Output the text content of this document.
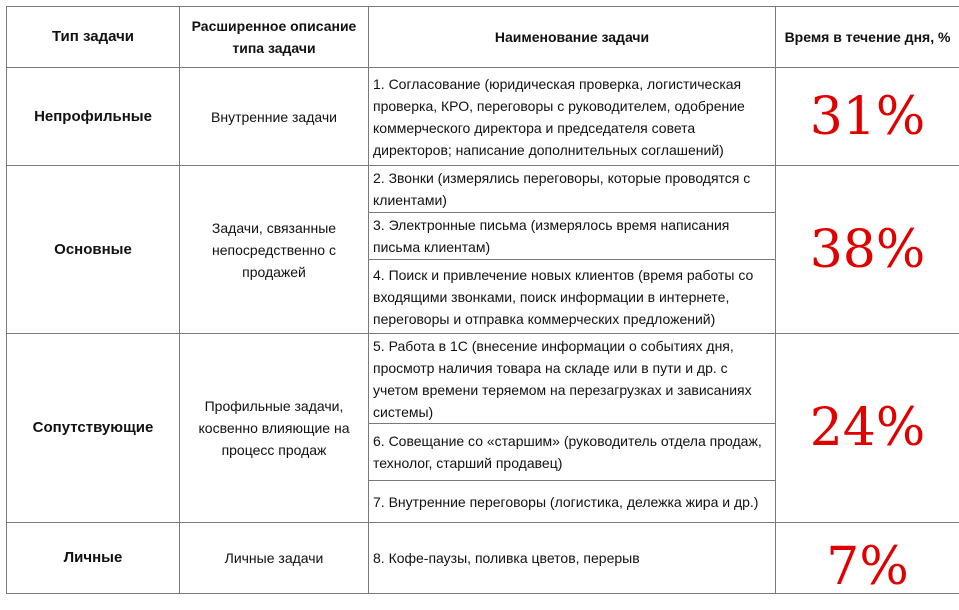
Тип задачи	Расширенное описание типа задачи	Наименование задачи	Время в течение дня, %
Непрофильные	Внутренние задачи	1. Согласование (юридическая проверка, логистическая проверка, КРО, переговоры с руководителем, одобрение коммерческого директора и председателя совета директоров; написание дополнительных соглашений)	31%
Основные	Задачи, связанные непосредственно с продажей	2. Звонки (измерялись переговоры, которые проводятся с клиентами)	38%
		3. Электронные письма (измерялось время написания письма клиентам)	
		4. Поиск и привлечение новых клиентов (время работы со входящими звонками, поиск информации в интернете, переговоры и отправка коммерческих предложений)	
Сопутствующие	Профильные задачи, косвенно влияющие на процесс продаж	5. Работа в 1С (внесение информации о событиях дня, просмотр наличия товара на складе или в пути и др. с учетом времени теряемом на перезагрузках и зависаниях системы)	24%
		6. Совещание со «старшим» (руководитель отдела продаж, технолог, старший продавец)	
		7. Внутренние переговоры (логистика, дележка жира и др.)	
Личные	Личные задачи	8. Кофе-паузы, поливка цветов, перерыв	7%
